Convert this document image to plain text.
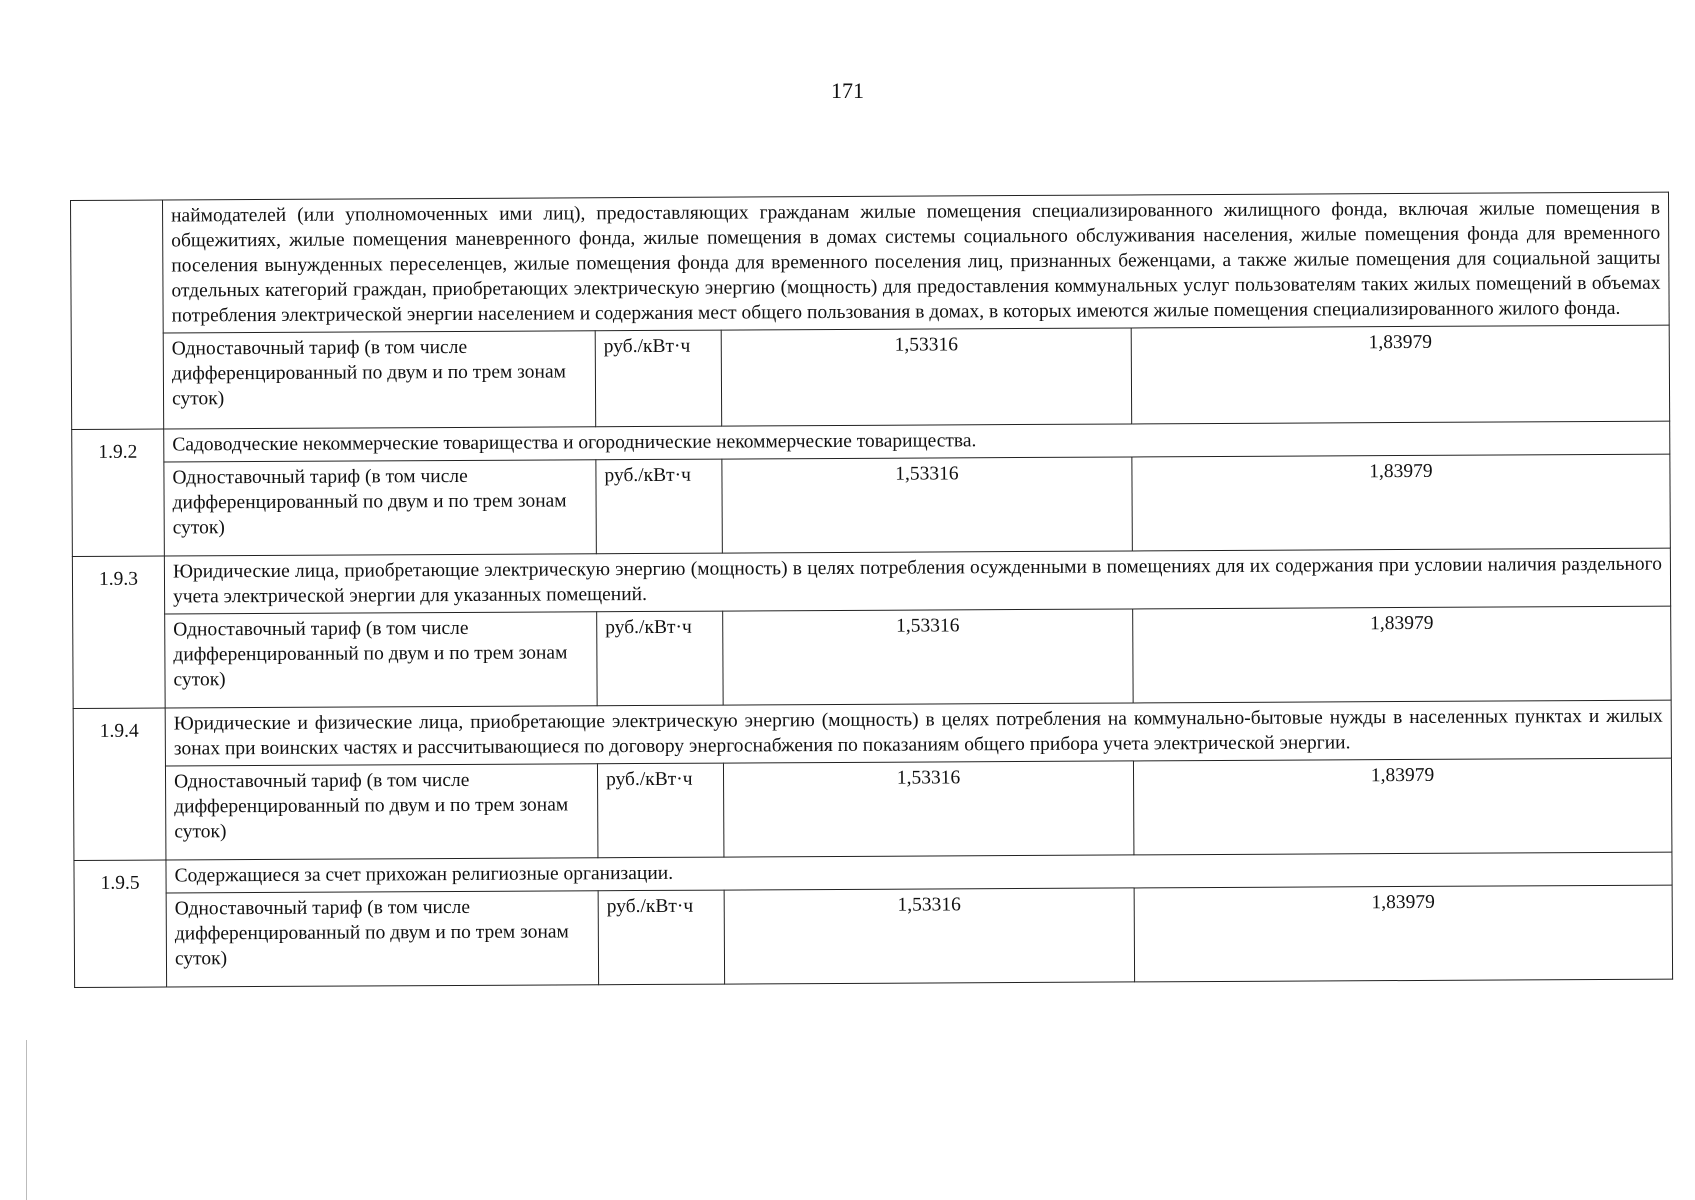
171
	наймодателей (или уполномоченных ими лиц), предоставляющих гражданам жилые помещения специализированного жилищного фонда, включая жилые помещения в общежитиях, жилые помещения маневренного фонда, жилые помещения в домах системы социального обслуживания населения, жилые помещения фонда для временного поселения вынужденных переселенцев, жилые помещения фонда для временного поселения лиц, признанных беженцами, а также жилые помещения для социальной защиты отдельных категорий граждан, приобретающих электрическую энергию (мощность) для предоставления коммунальных услуг пользователям таких жилых помещений в объемах потребления электрической энергии населением и содержания мест общего пользования в домах, в которых имеются жилые помещения специализированного жилого фонда.			
	Одноставочный тариф (в том числе дифференцированный по двум и по трем зонам суток)	руб./кВт·ч	1,53316	1,83979
1.9.2	Садоводческие некоммерческие товарищества и огороднические некоммерческие товарищества.			
	Одноставочный тариф (в том числе дифференцированный по двум и по трем зонам суток)	руб./кВт·ч	1,53316	1,83979
1.9.3	Юридические лица, приобретающие электрическую энергию (мощность) в целях потребления осужденными в помещениях для их содержания при условии наличия раздельного учета электрической энергии для указанных помещений.			
	Одноставочный тариф (в том числе дифференцированный по двум и по трем зонам суток)	руб./кВт·ч	1,53316	1,83979
1.9.4	Юридические и физические лица, приобретающие электрическую энергию (мощность) в целях потребления на коммунально-бытовые нужды в населенных пунктах и жилых зонах при воинских частях и рассчитывающиеся по договору энергоснабжения по показаниям общего прибора учета электрической энергии.			
	Одноставочный тариф (в том числе дифференцированный по двум и по трем зонам суток)	руб./кВт·ч	1,53316	1,83979
1.9.5	Содержащиеся за счет прихожан религиозные организации.			
	Одноставочный тариф (в том числе дифференцированный по двум и по трем зонам суток)	руб./кВт·ч	1,53316	1,83979
